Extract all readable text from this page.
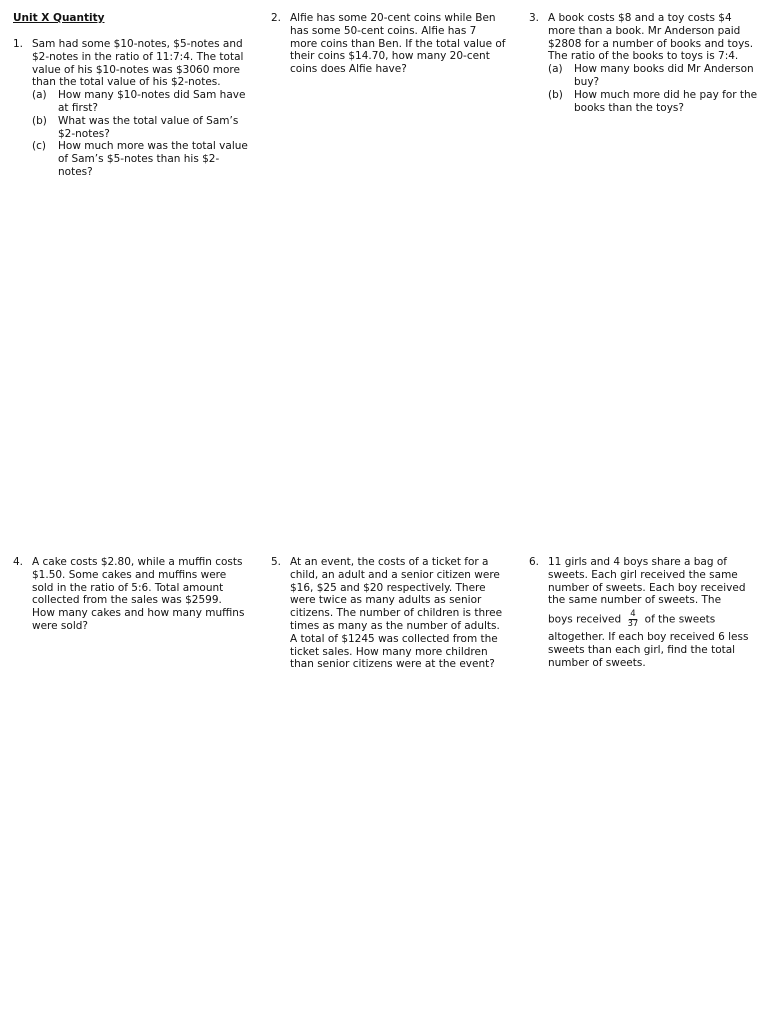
Unit X Quantity
1. Sam had some $10-notes, $5-notes and $2-notes in the ratio of 11:7:4. The total value of his $10-notes was $3060 more than the total value of his $2-notes.
(a)	How many $10-notes did Sam have at first?
(b)	What was the total value of Sam’s $2-notes?
(c)	How much more was the total value of Sam’s $5-notes than his $2-notes?
2. Alfie has some 20-cent coins while Ben has some 50-cent coins. Alfie has 7 more coins than Ben. If the total value of their coins $14.70, how many 20-cent coins does Alfie have?
3. A book costs $8 and a toy costs $4 more than a book. Mr Anderson paid $2808 for a number of books and toys. The ratio of the books to toys is 7:4.
(a)	How many books did Mr Anderson buy?
(b)	How much more did he pay for the books than the toys?
4. A cake costs $2.80, while a muffin costs $1.50. Some cakes and muffins were sold in the ratio of 5:6. Total amount collected from the sales was $2599. How many cakes and how many muffins were sold?
5. At an event, the costs of a ticket for a child, an adult and a senior citizen were $16, $25 and $20 respectively. There were twice as many adults as senior citizens. The number of children is three times as many as the number of adults. A total of $1245 was collected from the ticket sales. How many more children than senior citizens were at the event?
6. 11 girls and 4 boys share a bag of sweets. Each girl received the same number of sweets. Each boy received the same number of sweets. The
boys received $\frac{4}{37}$ of the sweets
altogether. If each boy received 6 less sweets than each girl, find the total number of sweets.
